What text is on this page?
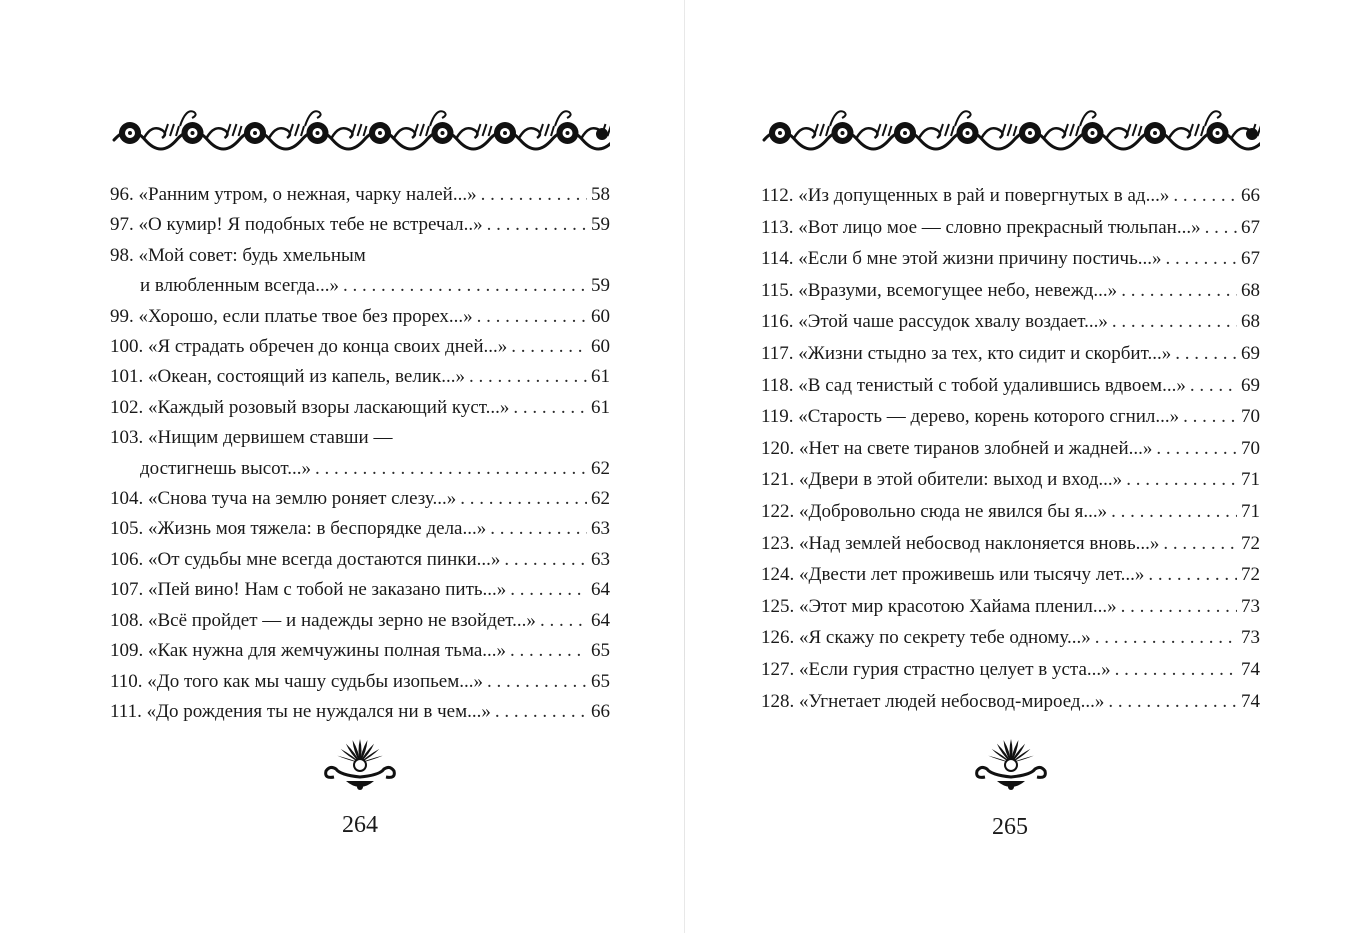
96. «Ранним утром, о нежная, чарку налей...» . . .	58
97. «О кумир! Я подобных тебе не встречал..» . . .	59
98. «Мой совет: будь хмельным
и влюбленным всегда...» . . .	59
99. «Хорошо, если платье твое без прорех...» . . .	60
100. «Я страдать обречен до конца своих дней...» . . .	60
101. «Океан, состоящий из капель, велик...» . . .	61
102. «Каждый розовый взоры ласкающий куст...» . . .	61
103. «Нищим дервишем ставши —
достигнешь высот...» . . .	62
104. «Снова туча на землю роняет слезу...» . . .	62
105. «Жизнь моя тяжела: в беспорядке дела...» . . .	63
106. «От судьбы мне всегда достаются пинки...» . . .	63
107. «Пей вино! Нам с тобой не заказано пить...» . . .	64
108. «Всё пройдет — и надежды зерно не взойдет...» . . .	64
109. «Как нужна для жемчужины полная тьма...» . . .	65
110. «До того как мы чашу судьбы изопьем...» . . .	65
111. «До рождения ты не нуждался ни в чем...» . . .	66
264
112. «Из допущенных в рай и повергнутых в ад...» . . .	66
113. «Вот лицо мое — словно прекрасный тюльпан...» . . . 67
114. «Если б мне этой жизни причину постичь...» . . .	67
115. «Вразуми, всемогущее небо, невежд...» . . .	68
116. «Этой чаше рассудок хвалу воздает...» . . .	68
117. «Жизни стыдно за тех, кто сидит и скорбит...» . . .	69
118. «В сад тенистый с тобой удалившись вдвоем...» . . .	69
119. «Старость — дерево, корень которого сгнил...» . . .	70
120. «Нет на свете тиранов злобней и жадней...» . . .	70
121. «Двери в этой обители: выход и вход...» . . .	71
122. «Добровольно сюда не явился бы я...» . . .	71
123. «Над землей небосвод наклоняется вновь...» . . .	72
124. «Двести лет проживешь или тысячу лет...» . . .	72
125. «Этот мир красотою Хайама пленил...» . . .	73
126. «Я скажу по секрету тебе одному...» . . .	73
127. «Если гурия страстно целует в уста...» . . .	74
128. «Угнетает людей небосвод-мироед...» . . .	74
265
